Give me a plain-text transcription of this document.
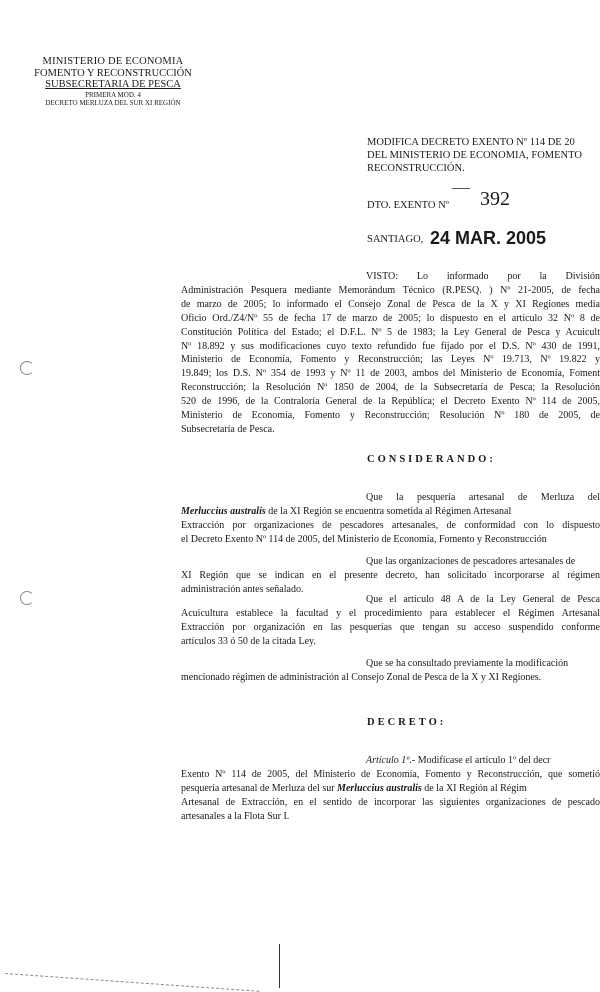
MINISTERIO DE ECONOMIA
FOMENTO Y RECONSTRUCCIÓN
SUBSECRETARIA DE PESCA
PRIMERA MOD. 4
DECRETO MERLUZA DEL SUR XI REGIÓN
MODIFICA DECRETO EXENTO Nº 114 DE 20
DEL MINISTERIO DE ECONOMIA, FOMENTO
RECONSTRUCCIÓN.
DTO. EXENTO Nº 392
SANTIAGO, 24 MAR. 2005
VISTO: Lo informado por la División
Administración Pesquera mediante Memorándum Técnico (R.PESQ. ) Nº 21-2005, de fecha
de marzo de 2005; lo informado el Consejo Zonal de Pesca de la X y XI Regiones media
Oficio Ord./Z4/Nº 55 de fecha 17 de marzo de 2005; lo dispuesto en el artículo 32 Nº 8 de
Constitución Política del Estado; el D.F.L. Nº 5 de 1983; la Ley General de Pesca y Acuicult
Nº 18.892 y sus modificaciones cuyo texto refundido fue fijado por el D.S. Nº 430 de 1991,
Ministerio de Economía, Fomento y Reconstrucción; las Leyes Nº 19.713, Nº 19.822 y
19.849; los D.S. Nº 354 de 1993 y Nº 11 de 2003, ambos del Ministerio de Economía, Foment
Reconstrucción; la Resolución Nº 1850 de 2004, de la Subsecretaría de Pesca; la Resolución
520 de 1996, de la Contraloría General de la República; el Decreto Exento Nº 114 de 2005,
Ministerio de Economía, Fomento y Reconstrucción; Resolución Nº 180 de 2005, de
Subsecretaría de Pesca.
CONSIDERANDO:
Que la pesquería artesanal de Merluza del
Merluccius australis de la XI Región se encuentra sometida al Régimen Artesanal
Extracción por organizaciones de pescadores artesanales, de conformidad con lo dispuesto
el Decreto Exento Nº 114 de 2005, del Ministerio de Economía, Fomento y Reconstrucción
Que las organizaciones de pescadores artesanales de
XI Región que se indican en el presente decreto, han solicitado incorporarse al régimen
administración antes señalado.
Que el artículo 48 A de la Ley General de Pesca
Acuicultura establece la facultad y el procedimiento para establecer el Régimen Artesanal
Extracción por organización en las pesquerías que tengan su acceso suspendido conforme
artículos 33 ó 50 de la citada Ley.
Que se ha consultado previamente la modificación
mencionado régimen de administración al Consejo Zonal de Pesca de la X y XI Regiones.
DECRETO:
Artículo 1º.- Modifícase el artículo 1º del decr
Exento Nº 114 de 2005, del Ministerio de Economía, Fomento y Reconstrucción, que sometió
pesquería artesanal de Merluza del sur Merluccius australis de la XI Región al Régim
Artesanal de Extracción, en el sentido de incorporar las siguientes organizaciones de pescado
artesanales a la Flota Sur I.
